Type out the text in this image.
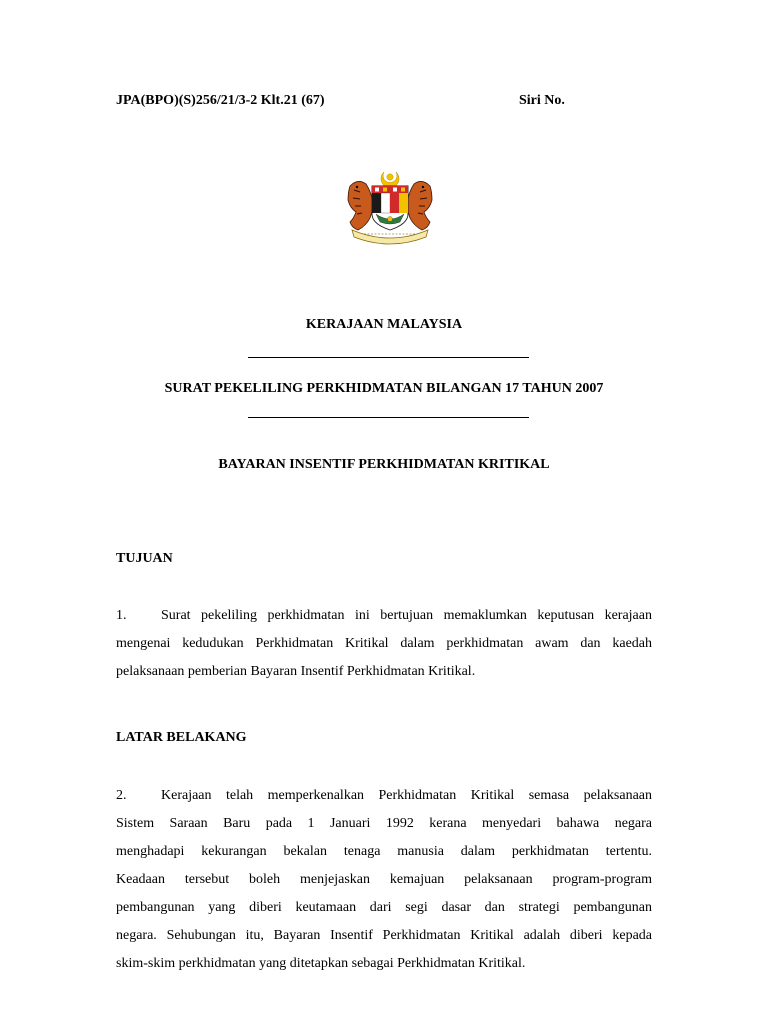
JPA(BPO)(S)256/21/3-2 Klt.21 (67)	Siri No.
KERAJAAN MALAYSIA
SURAT PEKELILING PERKHIDMATAN BILANGAN 17 TAHUN 2007
BAYARAN INSENTIF PERKHIDMATAN KRITIKAL
TUJUAN
1. Surat pekeliling perkhidmatan ini bertujuan memaklumkan keputusan kerajaan
mengenai kedudukan Perkhidmatan Kritikal dalam perkhidmatan awam dan kaedah
pelaksanaan pemberian Bayaran Insentif Perkhidmatan Kritikal.
LATAR BELAKANG
2. Kerajaan telah memperkenalkan Perkhidmatan Kritikal semasa pelaksanaan
Sistem Saraan Baru pada 1 Januari 1992 kerana menyedari bahawa negara
menghadapi kekurangan bekalan tenaga manusia dalam perkhidmatan tertentu.
Keadaan tersebut boleh menjejaskan kemajuan pelaksanaan program-program
pembangunan yang diberi keutamaan dari segi dasar dan strategi pembangunan
negara. Sehubungan itu, Bayaran Insentif Perkhidmatan Kritikal adalah diberi kepada
skim-skim perkhidmatan yang ditetapkan sebagai Perkhidmatan Kritikal.
